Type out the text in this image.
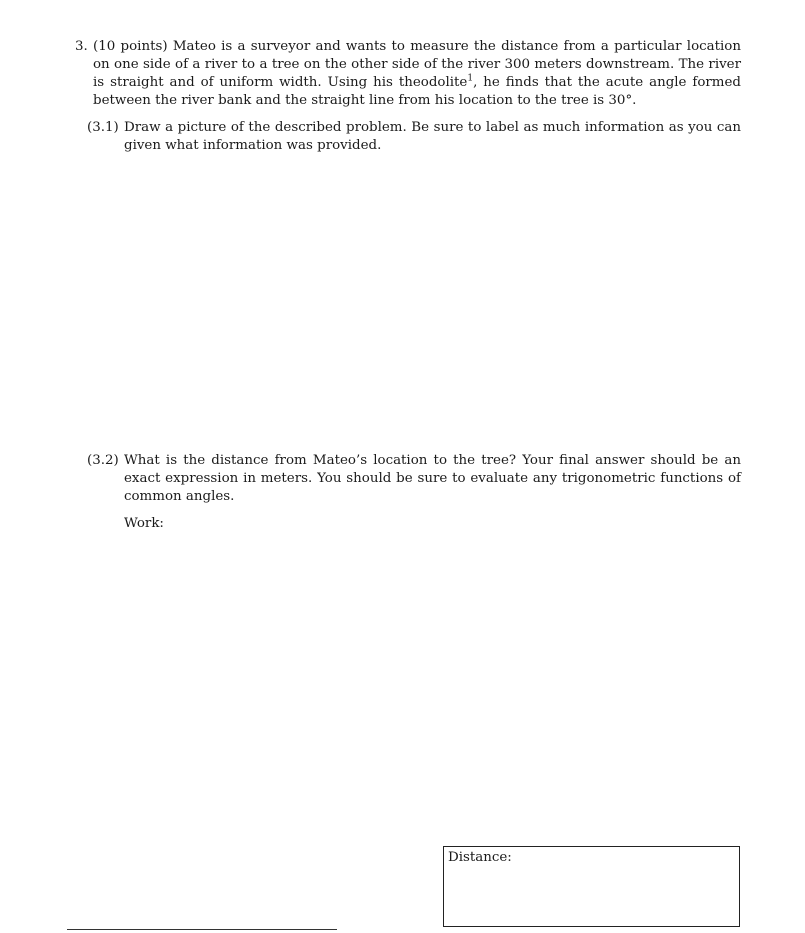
3. (10 points) Mateo is a surveyor and wants to measure the distance from a particular location on one side of a river to a tree on the other side of the river 300 meters downstream. The river is straight and of uniform width. Using his theodolite$^1$, he finds that the acute angle formed between the river bank and the straight line from his location to the tree is 30°.
(3.1) Draw a picture of the described problem. Be sure to label as much information as you can given what information was provided.
(3.2) What is the distance from Mateo’s location to the tree? Your final answer should be an exact expression in meters. You should be sure to evaluate any trigonometric functions of common angles.
Work:
Distance:
